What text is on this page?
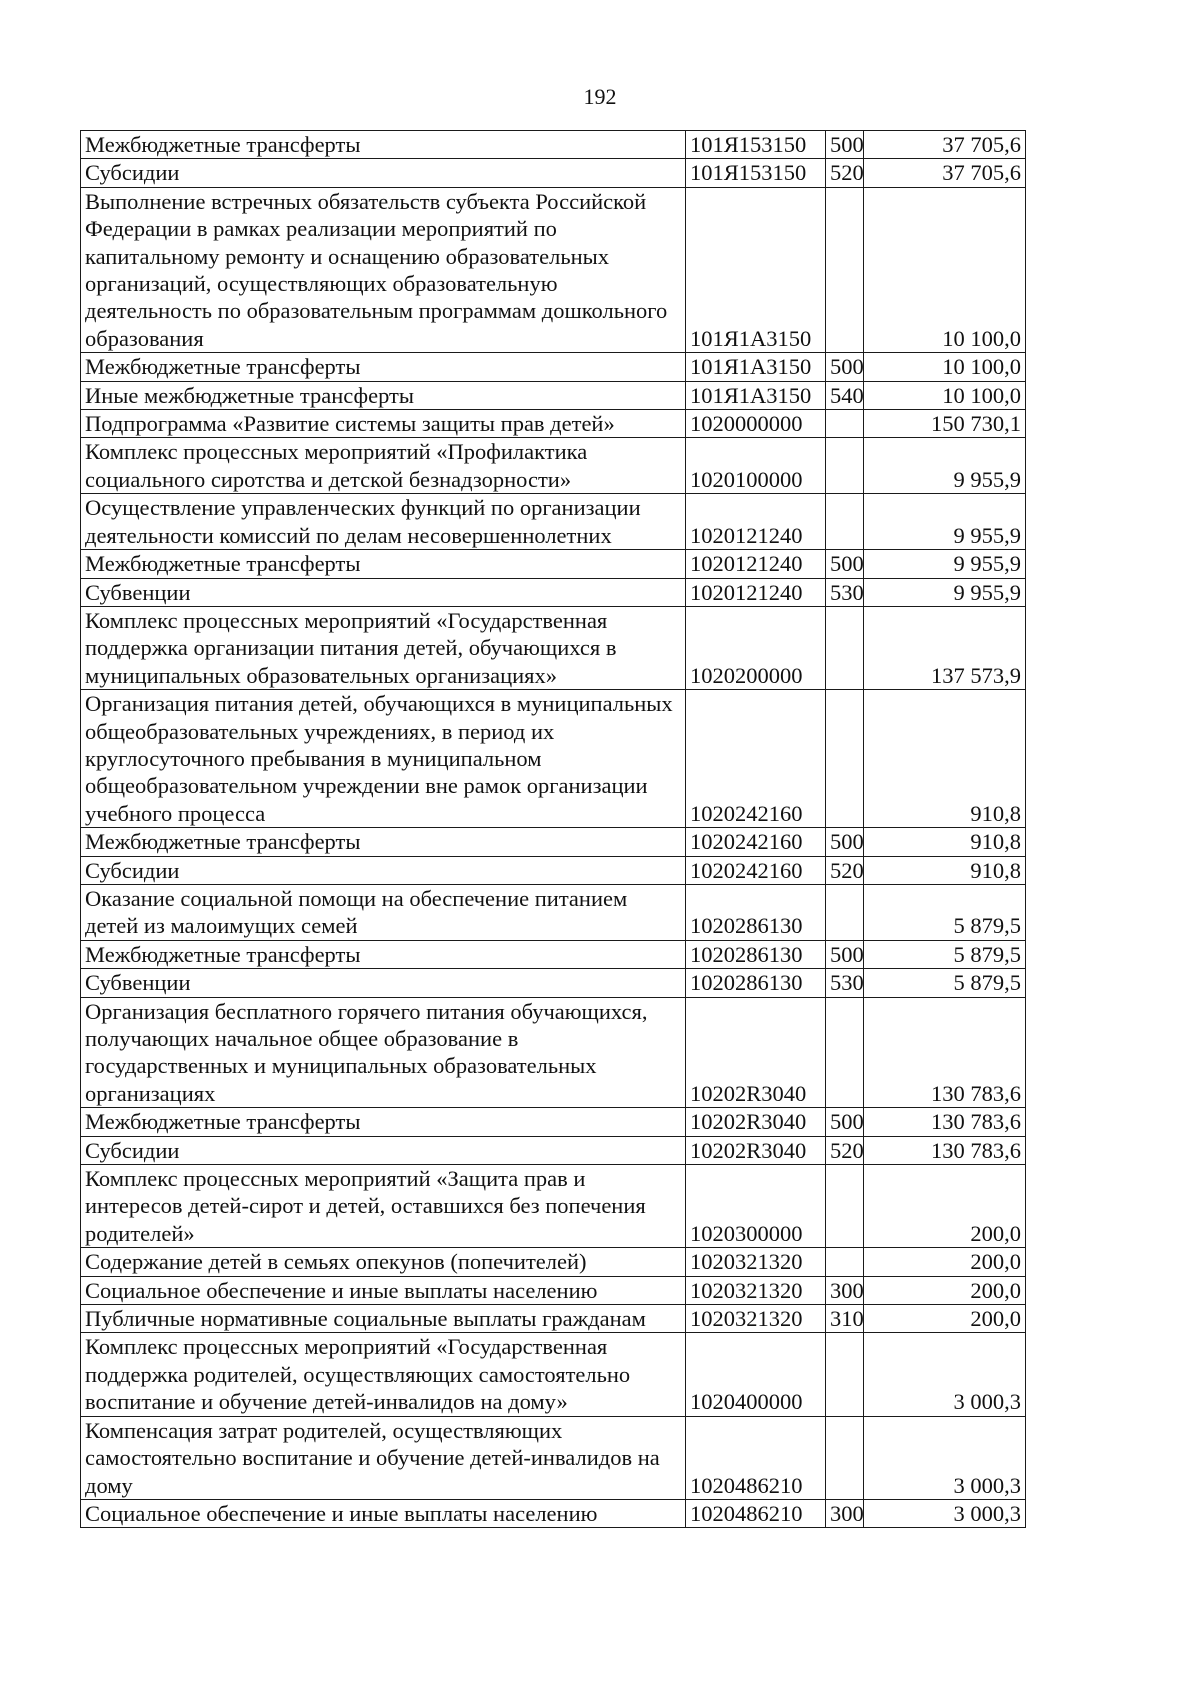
192
Межбюджетные трансферты	101Я153150	500	37 705,6
Субсидии	101Я153150	520	37 705,6
Выполнение встречных обязательств субъекта Российской Федерации в рамках реализации мероприятий по капитальному ремонту и оснащению образовательных организаций, осуществляющих образовательную деятельность по образовательным программам дошкольного образования	101Я1А3150		10 100,0
Межбюджетные трансферты	101Я1А3150	500	10 100,0
Иные межбюджетные трансферты	101Я1А3150	540	10 100,0
Подпрограмма «Развитие системы защиты прав детей»	1020000000		150 730,1
Комплекс процессных мероприятий «Профилактика социального сиротства и детской безнадзорности»	1020100000		9 955,9
Осуществление управленческих функций по организации деятельности комиссий по делам несовершеннолетних	1020121240		9 955,9
Межбюджетные трансферты	1020121240	500	9 955,9
Субвенции	1020121240	530	9 955,9
Комплекс процессных мероприятий «Государственная поддержка организации питания детей, обучающихся в муниципальных образовательных организациях»	1020200000		137 573,9
Организация питания детей, обучающихся в муниципальных общеобразовательных учреждениях, в период их круглосуточного пребывания в муниципальном общеобразовательном учреждении вне рамок организации учебного процесса	1020242160		910,8
Межбюджетные трансферты	1020242160	500	910,8
Субсидии	1020242160	520	910,8
Оказание социальной помощи на обеспечение питанием детей из малоимущих семей	1020286130		5 879,5
Межбюджетные трансферты	1020286130	500	5 879,5
Субвенции	1020286130	530	5 879,5
Организация бесплатного горячего питания обучающихся, получающих начальное общее образование в государственных и муниципальных образовательных организациях	10202R3040		130 783,6
Межбюджетные трансферты	10202R3040	500	130 783,6
Субсидии	10202R3040	520	130 783,6
Комплекс процессных мероприятий «Защита прав и интересов детей-сирот и детей, оставшихся без попечения родителей»	1020300000		200,0
Содержание детей в семьях опекунов (попечителей)	1020321320		200,0
Социальное обеспечение и иные выплаты населению	1020321320	300	200,0
Публичные нормативные социальные выплаты гражданам	1020321320	310	200,0
Комплекс процессных мероприятий «Государственная поддержка родителей, осуществляющих самостоятельно воспитание и обучение детей-инвалидов на дому»	1020400000		3 000,3
Компенсация затрат родителей, осуществляющих самостоятельно воспитание и обучение детей-инвалидов на дому	1020486210		3 000,3
Социальное обеспечение и иные выплаты населению	1020486210	300	3 000,3
